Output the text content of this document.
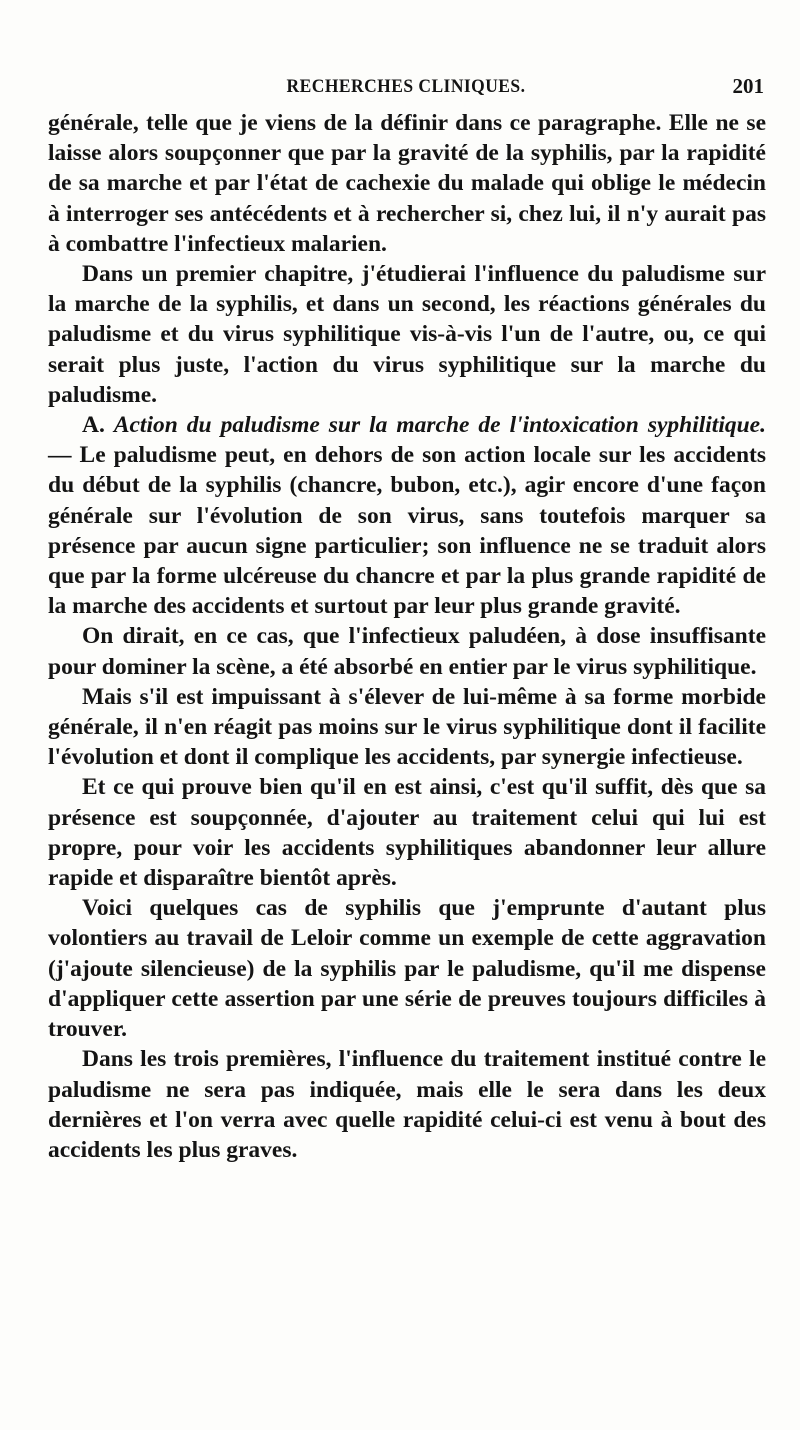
RECHERCHES CLINIQUES.	201

générale, telle que je viens de la définir dans ce paragraphe. Elle ne se laisse alors soupçonner que par la gravité de la syphilis, par la rapidité de sa marche et par l'état de cachexie du malade qui oblige le médecin à interroger ses antécédents et à rechercher si, chez lui, il n'y aurait pas à combattre l'infectieux malarien.

Dans un premier chapitre, j'étudierai l'influence du paludisme sur la marche de la syphilis, et dans un second, les réactions générales du paludisme et du virus syphilitique vis-à-vis l'un de l'autre, ou, ce qui serait plus juste, l'action du virus syphilitique sur la marche du paludisme.

A. Action du paludisme sur la marche de l'intoxication syphilitique. — Le paludisme peut, en dehors de son action locale sur les accidents du début de la syphilis (chancre, bubon, etc.), agir encore d'une façon générale sur l'évolution de son virus, sans toutefois marquer sa présence par aucun signe particulier; son influence ne se traduit alors que par la forme ulcéreuse du chancre et par la plus grande rapidité de la marche des accidents et surtout par leur plus grande gravité.

On dirait, en ce cas, que l'infectieux paludéen, à dose insuffisante pour dominer la scène, a été absorbé en entier par le virus syphilitique.

Mais s'il est impuissant à s'élever de lui-même à sa forme morbide générale, il n'en réagit pas moins sur le virus syphilitique dont il facilite l'évolution et dont il complique les accidents, par synergie infectieuse.

Et ce qui prouve bien qu'il en est ainsi, c'est qu'il suffit, dès que sa présence est soupçonnée, d'ajouter au traitement celui qui lui est propre, pour voir les accidents syphilitiques abandonner leur allure rapide et disparaître bientôt après.

Voici quelques cas de syphilis que j'emprunte d'autant plus volontiers au travail de Leloir comme un exemple de cette aggravation (j'ajoute silencieuse) de la syphilis par le paludisme, qu'il me dispense d'appliquer cette assertion par une série de preuves toujours difficiles à trouver.

Dans les trois premières, l'influence du traitement institué contre le paludisme ne sera pas indiquée, mais elle le sera dans les deux dernières et l'on verra avec quelle rapidité celui-ci est venu à bout des accidents les plus graves.
